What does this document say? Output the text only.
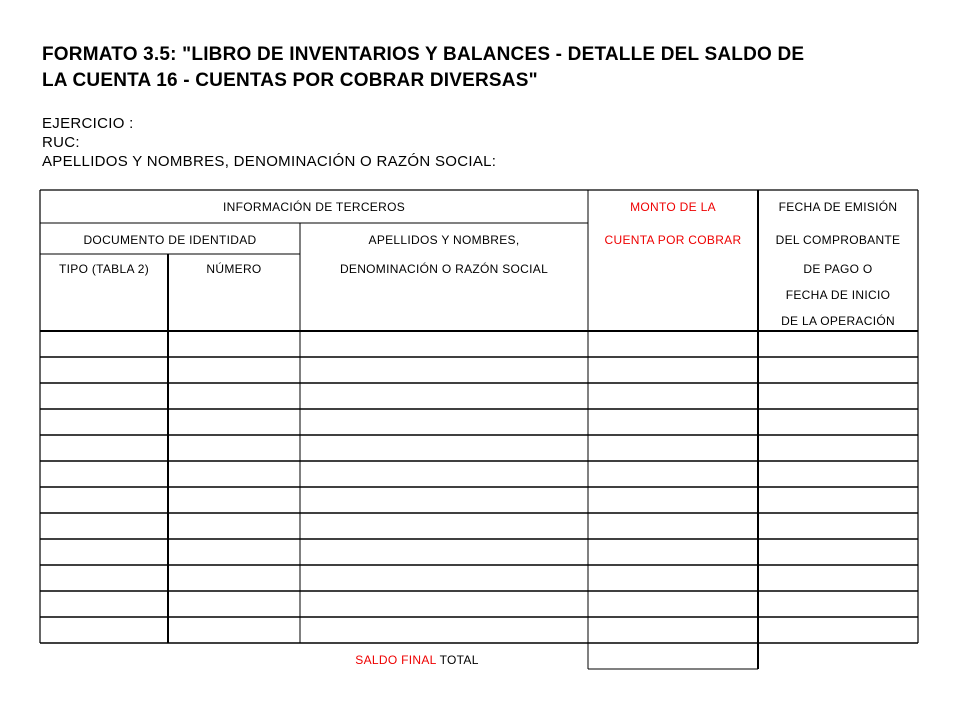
FORMATO 3.5: "LIBRO DE INVENTARIOS Y BALANCES - DETALLE DEL SALDO DE
LA CUENTA 16 - CUENTAS POR COBRAR DIVERSAS"
EJERCICIO :
RUC:
APELLIDOS Y NOMBRES, DENOMINACIÓN O RAZÓN SOCIAL:
INFORMACIÓN DE TERCEROS
DOCUMENTO DE IDENTIDAD
TIPO (TABLA 2)	NÚMERO
APELLIDOS Y NOMBRES,
DENOMINACIÓN O RAZÓN SOCIAL
MONTO DE LA
CUENTA POR COBRAR
FECHA DE EMISIÓN
DEL COMPROBANTE
DE PAGO O
FECHA DE INICIO
DE LA OPERACIÓN
SALDO FINAL TOTAL
